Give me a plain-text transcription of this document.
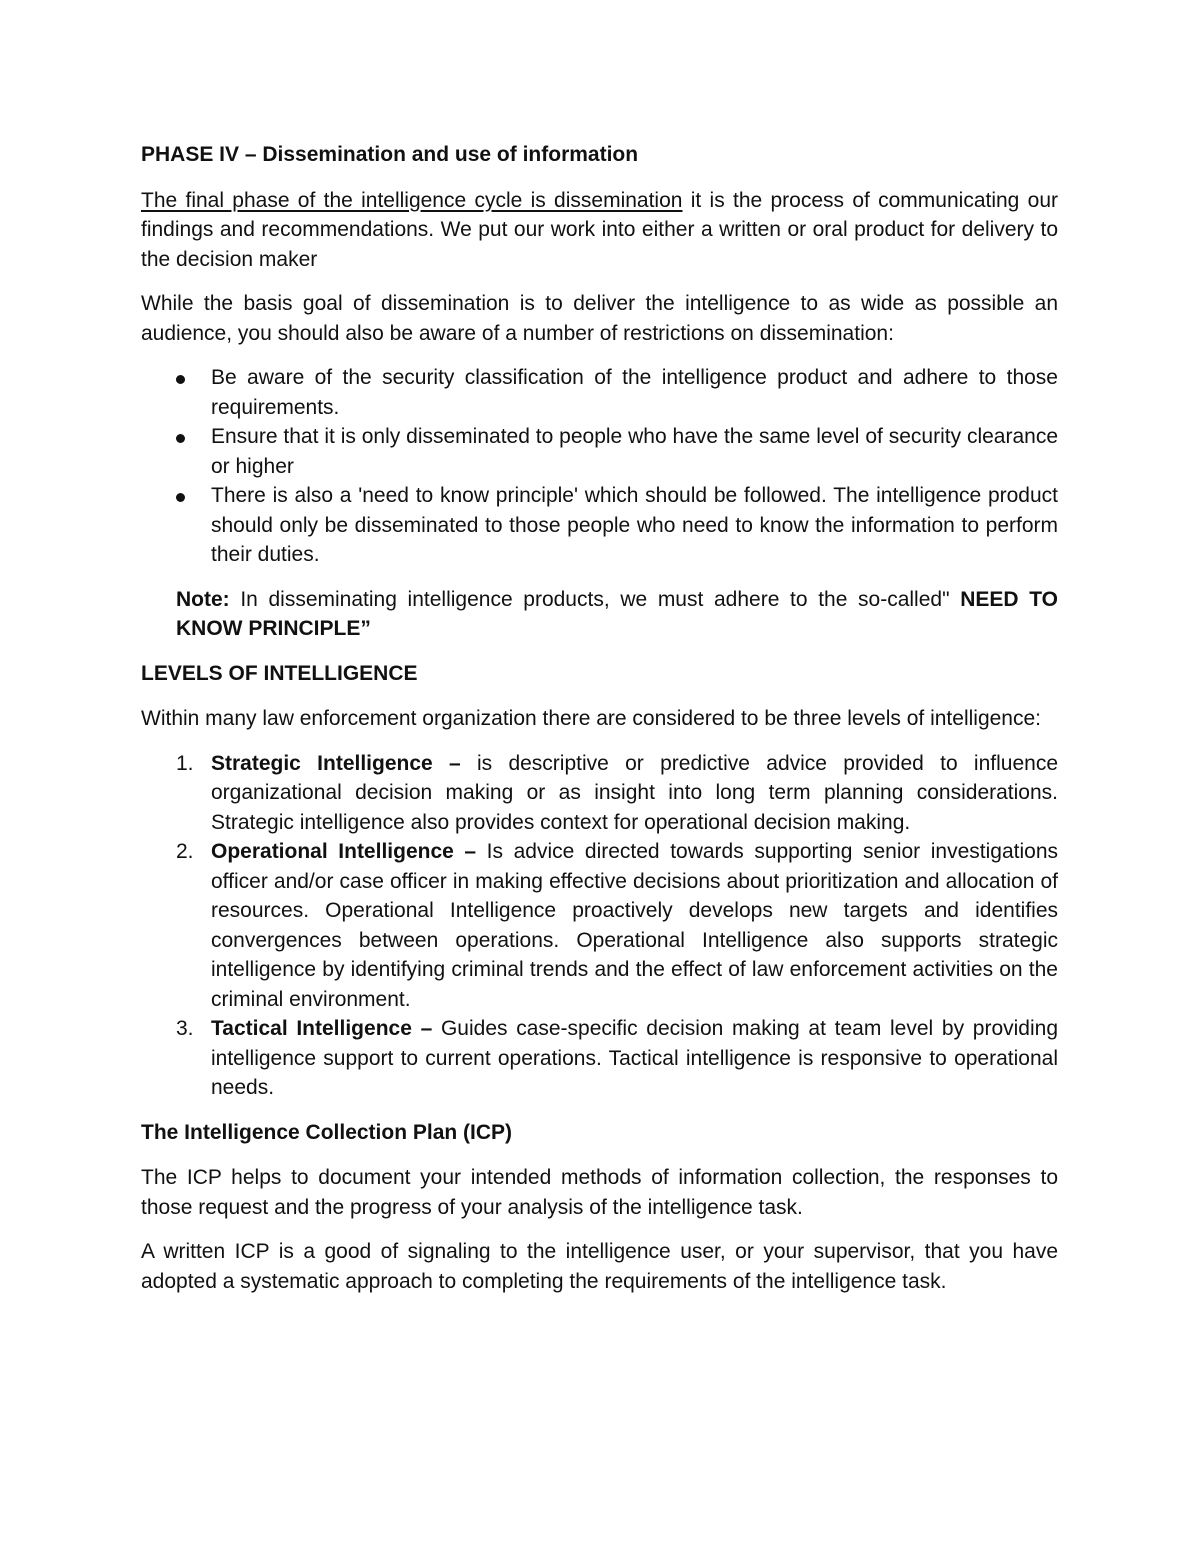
PHASE IV – Dissemination and use of information

The final phase of the intelligence cycle is dissemination it is the process of communicating our findings and recommendations. We put our work into either a written or oral product for delivery to the decision maker

While the basis goal of dissemination is to deliver the intelligence to as wide as possible an audience, you should also be aware of a number of restrictions on dissemination:

Be aware of the security classification of the intelligence product and adhere to those requirements.
Ensure that it is only disseminated to people who have the same level of security clearance or higher
There is also a 'need to know principle' which should be followed. The intelligence product should only be disseminated to those people who need to know the information to perform their duties.

Note: In disseminating intelligence products, we must adhere to the so-called" NEED TO KNOW PRINCIPLE”

LEVELS OF INTELLIGENCE

Within many law enforcement organization there are considered to be three levels of intelligence:

1. Strategic Intelligence – is descriptive or predictive advice provided to influence organizational decision making or as insight into long term planning considerations. Strategic intelligence also provides context for operational decision making.
2. Operational Intelligence – Is advice directed towards supporting senior investigations officer and/or case officer in making effective decisions about prioritization and allocation of resources. Operational Intelligence proactively develops new targets and identifies convergences between operations. Operational Intelligence also supports strategic intelligence by identifying criminal trends and the effect of law enforcement activities on the criminal environment.
3. Tactical Intelligence – Guides case-specific decision making at team level by providing intelligence support to current operations. Tactical intelligence is responsive to operational needs.
The Intelligence Collection Plan (ICP)

The ICP helps to document your intended methods of information collection, the responses to those request and the progress of your analysis of the intelligence task.

A written ICP is a good of signaling to the intelligence user, or your supervisor, that you have adopted a systematic approach to completing the requirements of the intelligence task.
